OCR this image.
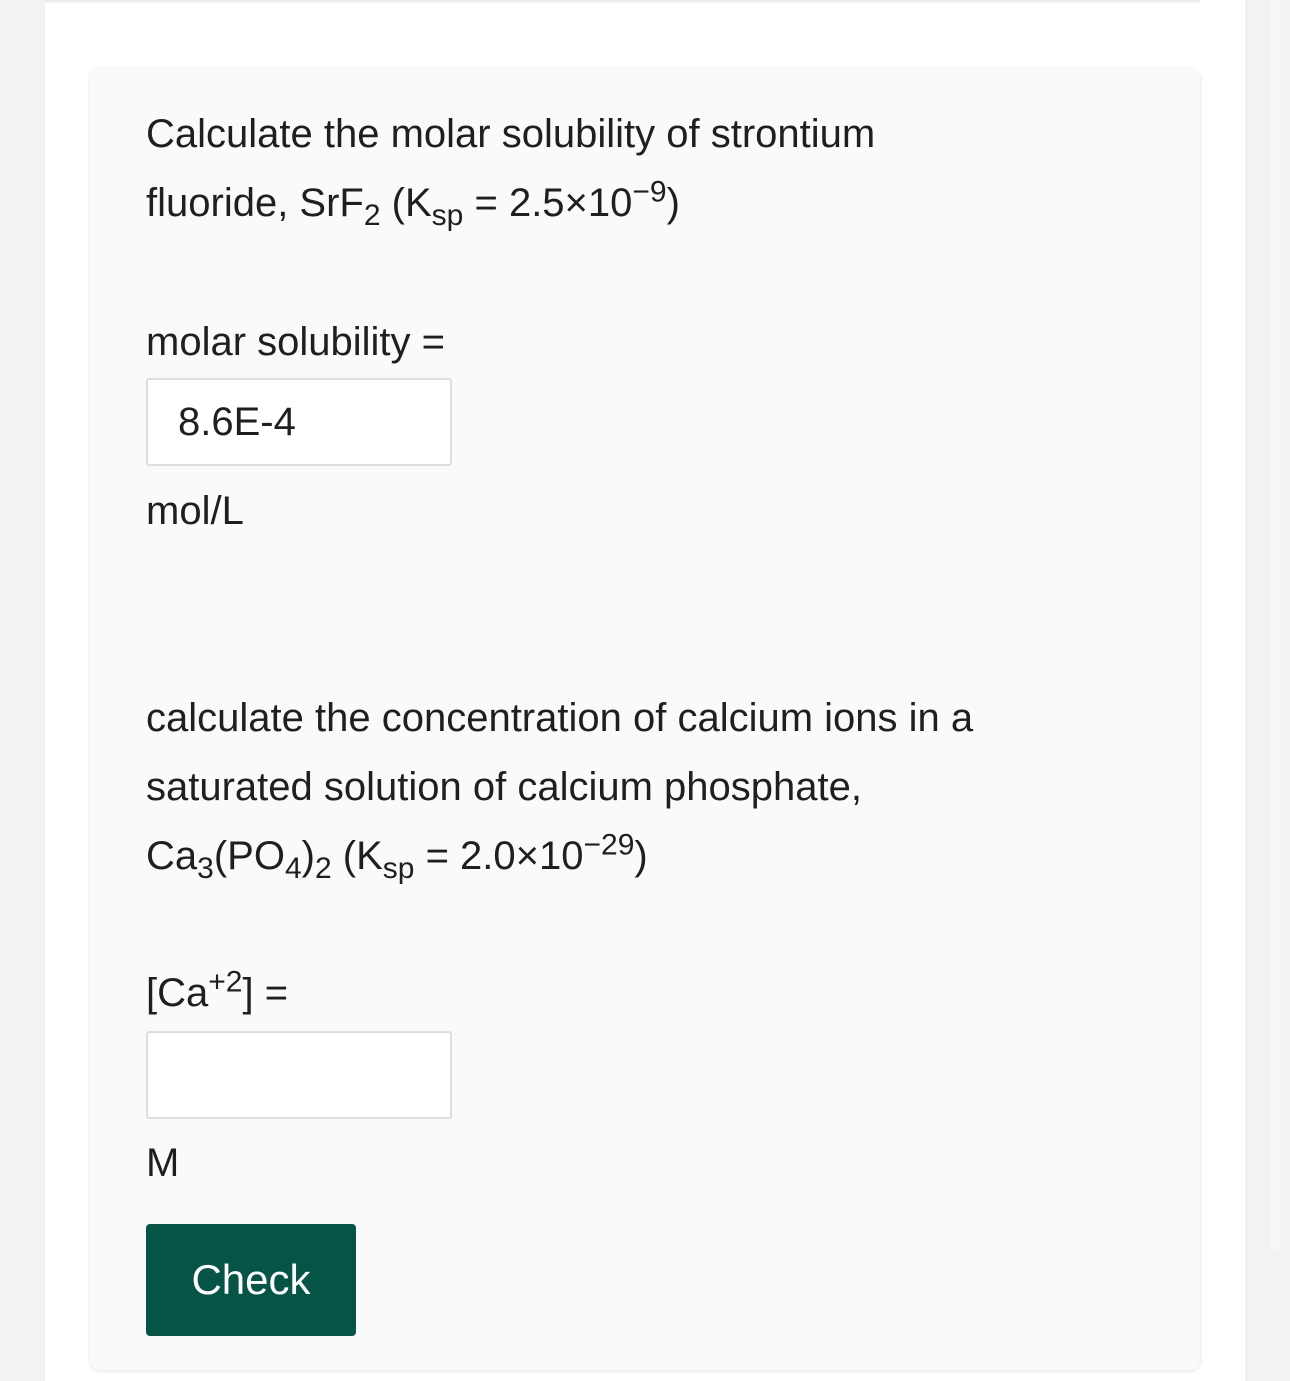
Calculate the molar solubility of strontium
fluoride, SrF$_2$ $(K_{sp} = 2.5\times 10^{-9})$

molar solubility =

8.6E-4

mol/L

calculate the concentration of calcium ions in a
saturated solution of calcium phosphate,
$Ca_3(PO_4)_2$ $(K_{sp} = 2.0\times 10^{-29})$

$[Ca^{+2}]$ =

M

Check
